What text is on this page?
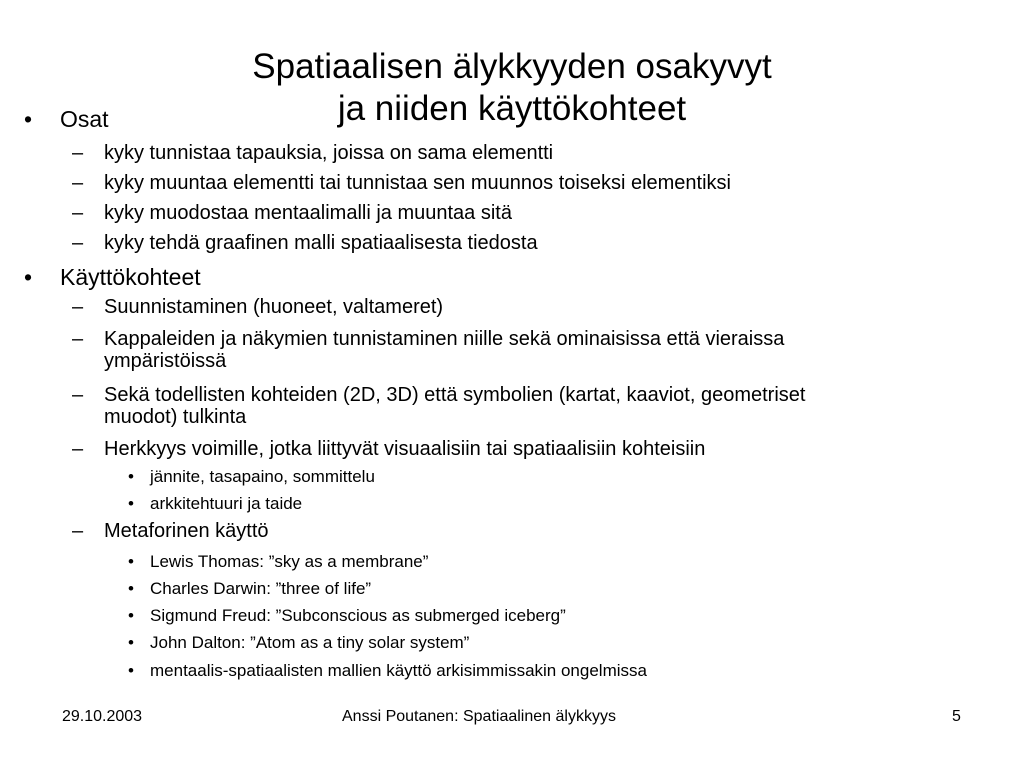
Spatiaalisen älykkyyden osakyvyt
ja niiden käyttökohteet
• Osat
– kyky tunnistaa tapauksia, joissa on sama elementti
– kyky muuntaa elementti tai tunnistaa sen muunnos toiseksi elementiksi
– kyky muodostaa mentaalimalli ja muuntaa sitä
– kyky tehdä graafinen malli spatiaalisesta tiedosta
• Käyttökohteet
– Suunnistaminen (huoneet, valtameret)
– Kappaleiden ja näkymien tunnistaminen niille sekä ominaisissa että vieraissa
ympäristöissä
– Sekä todellisten kohteiden (2D, 3D) että symbolien (kartat, kaaviot, geometriset
muodot) tulkinta
– Herkkyys voimille, jotka liittyvät visuaalisiin tai spatiaalisiin kohteisiin
• jännite, tasapaino, sommittelu
• arkkitehtuuri ja taide
– Metaforinen käyttö
• Lewis Thomas: ”sky as a membrane”
• Charles Darwin: ”three of life”
• Sigmund Freud: ”Subconscious as submerged iceberg”
• John Dalton: ”Atom as a tiny solar system”
• mentaalis-spatiaalisten mallien käyttö arkisimmissakin ongelmissa
29.10.2003	Anssi Poutanen: Spatiaalinen älykkyys	5
